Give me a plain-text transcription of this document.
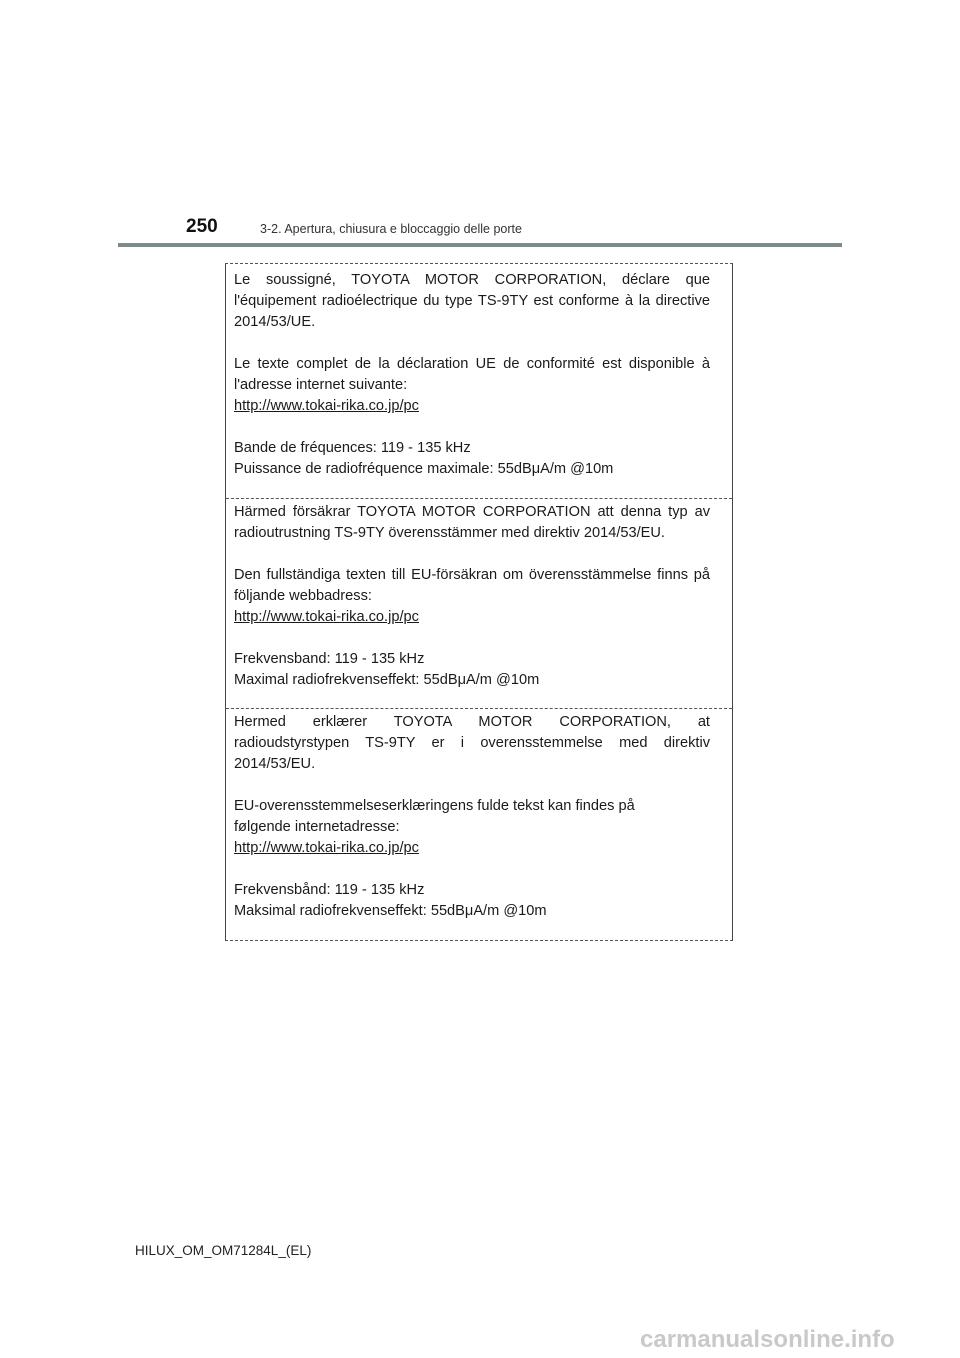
250	3-2. Apertura, chiusura e bloccaggio delle porte

Le soussigné, TOYOTA MOTOR CORPORATION, déclare que l'équipement radioélectrique du type TS-9TY est conforme à la directive 2014/53/UE.

Le texte complet de la déclaration UE de conformité est disponible à l'adresse internet suivante:

http://www.tokai-rika.co.jp/pc

Bande de fréquences: 119 - 135 kHz

Puissance de radiofréquence maximale: 55dBμA/m @10m

Härmed försäkrar TOYOTA MOTOR CORPORATION att denna typ av radioutrustning TS-9TY överensstämmer med direktiv 2014/53/EU.

Den fullständiga texten till EU-försäkran om överensstämmelse finns på följande webbadress:

http://www.tokai-rika.co.jp/pc

Frekvensband: 119 - 135 kHz

Maximal radiofrekvenseffekt: 55dBμA/m @10m

Hermed erklærer TOYOTA MOTOR CORPORATION, at radioudstyrstypen TS-9TY er i overensstemmelse med direktiv 2014/53/EU.

EU-overensstemmelseserklæringens fulde tekst kan findes på

følgende internetadresse:

http://www.tokai-rika.co.jp/pc

Frekvensbånd: 119 - 135 kHz

Maksimal radiofrekvenseffekt: 55dBμA/m @10m

HILUX_OM_OM71284L_(EL)
carmanualsonline.info
